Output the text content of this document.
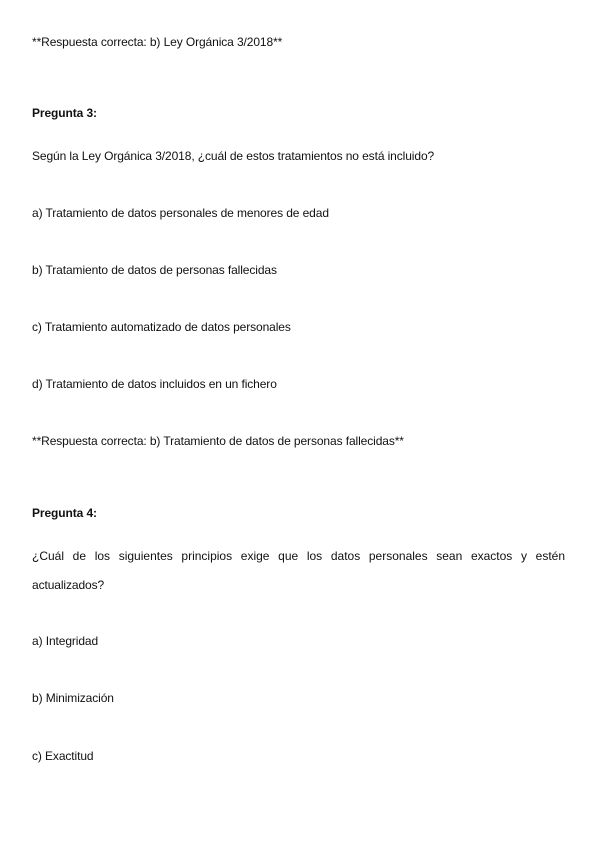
**Respuesta correcta: b) Ley Orgánica 3/2018**
Pregunta 3:
Según la Ley Orgánica 3/2018, ¿cuál de estos tratamientos no está incluido?
a) Tratamiento de datos personales de menores de edad
b) Tratamiento de datos de personas fallecidas
c) Tratamiento automatizado de datos personales
d) Tratamiento de datos incluidos en un fichero
**Respuesta correcta: b) Tratamiento de datos de personas fallecidas**
Pregunta 4:
¿Cuál de los siguientes principios exige que los datos personales sean exactos y estén
actualizados?
a) Integridad
b) Minimización
c) Exactitud
